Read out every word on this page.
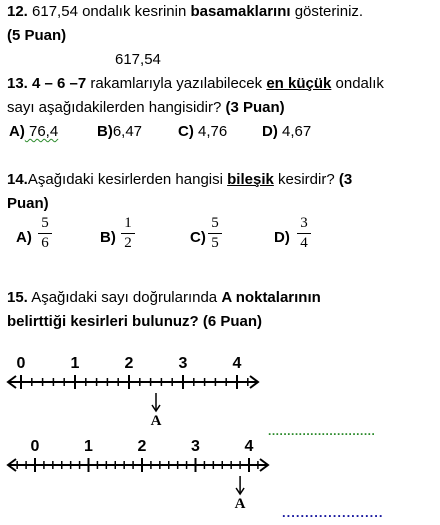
12. 617,54 ondalık kesrinin basamaklarını gösteriniz.
(5 Puan)
617,54
13. 4 – 6 –7 rakamlarıyla yazılabilecek en küçük ondalık
sayı aşağıdakilerden hangisidir? (3 Puan)
A) 76,4	B)6,47 C) 4,76 D) 4,67
14.Aşağıdaki kesirlerden hangisi bileşik kesirdir? (3
Puan)
A)
5
6	B)
1
2	C)
5
5	D)
3
4
15. Aşağıdaki sayı doğrularında A noktalarının
belirttiği kesirleri bulunuz? (6 Puan)
0	1	2	3	4
A
0	1	2	3	4
A
............................
......................
